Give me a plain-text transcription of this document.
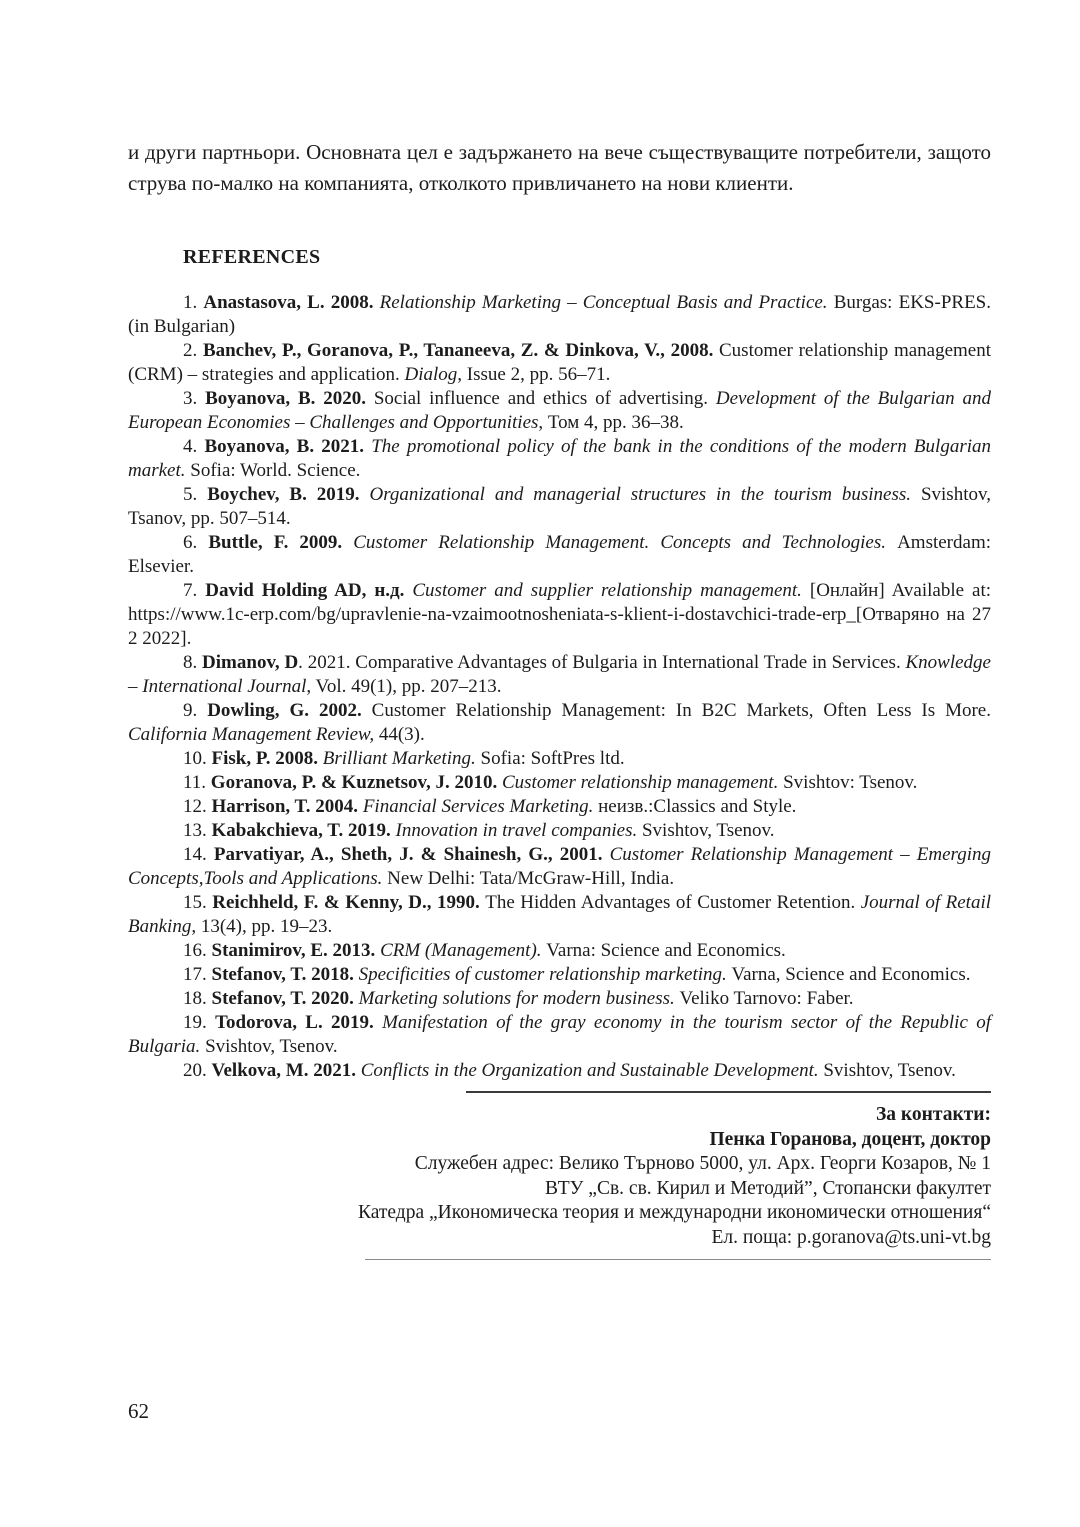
и други партньори. Основната цел е задържането на вече съществуващите потребители, защото струва по-малко на компанията, отколкото привличането на нови клиенти.

REFERENCES

1. Anastasova, L. 2008. Relationship Marketing – Conceptual Basis and Practice. Burgas: EKS-PRES. (in Bulgarian)

2. Banchev, P., Goranova, P., Tananeeva, Z. & Dinkova, V., 2008. Customer relationship management (CRM) – strategies and application. Dialog, Issue 2, pp. 56–71.

3. Boyanova, B. 2020. Social influence and ethics of advertising. Development of the Bulgarian and European Economies – Challenges and Opportunities, Том 4, pp. 36–38.

4. Boyanova, B. 2021. The promotional policy of the bank in the conditions of the modern Bulgarian market. Sofia: World. Science.

5. Boychev, B. 2019. Organizational and managerial structures in the tourism business. Svishtov, Tsanov, pp. 507–514.

6. Buttle, F. 2009. Customer Relationship Management. Concepts and Technologies. Amsterdam: Elsevier.

7. David Holding AD, н.д. Customer and supplier relationship management. [Онлайн] Available at: https://www.1c-erp.com/bg/upravlenie-na-vzaimootnosheniata-s-klient-i-dostavchici-trade-erp_[Отваряно на 27 2 2022].

8. Dimanov, D. 2021. Comparative Advantages of Bulgaria in International Trade in Services. Knowledge – International Journal, Vol. 49(1), pp. 207–213.

9. Dowling, G. 2002. Customer Relationship Management: In B2C Markets, Often Less Is More. California Management Review, 44(3).

10. Fisk, P. 2008. Brilliant Marketing. Sofia: SoftPres ltd.

11. Goranova, P. & Kuznetsov, J. 2010. Customer relationship management. Svishtov: Tsenov.

12. Harrison, T. 2004. Financial Services Marketing. неизв.:Classics and Style.

13. Kabakchieva, T. 2019. Innovation in travel companies. Svishtov, Tsenov.

14. Parvatiyar, A., Sheth, J. & Shainesh, G., 2001. Customer Relationship Management – Emerging Concepts,Tools and Applications. New Delhi: Tata/McGraw-Hill, India.

15. Reichheld, F. & Kenny, D., 1990. The Hidden Advantages of Customer Retention. Journal of Retail Banking, 13(4), pp. 19–23.

16. Stanimirov, E. 2013. CRM (Management). Varna: Science and Economics.

17. Stefanov, T. 2018. Specificities of customer relationship marketing. Varna, Science and Economics.

18. Stefanov, T. 2020. Marketing solutions for modern business. Veliko Tarnovo: Faber.

19. Todorova, L. 2019. Manifestation of the gray economy in the tourism sector of the Republic of Bulgaria. Svishtov, Tsenov.

20. Velkova, M. 2021. Conflicts in the Organization and Sustainable Development. Svishtov, Tsenov.

За контакти:
Пенка Горанова, доцент, доктор
Служебен адрес: Велико Търново 5000, ул. Арх. Георги Козаров, № 1
ВТУ „Св. св. Кирил и Методий”, Стопански факултет
Катедра „Икономическа теория и международни икономически отношения“
Ел. поща: p.goranova@ts.uni-vt.bg
62
